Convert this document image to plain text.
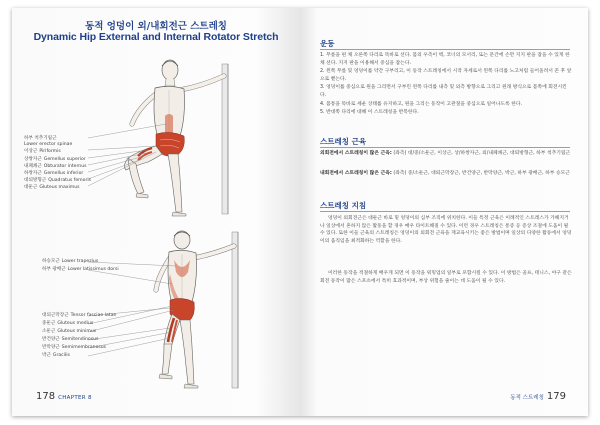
동적 엉덩이 외/내회전근 스트레칭
Dynamic Hip External and Internal Rotator Stretch
하부 척추기립근
Lower erector spinae
이상근 Piriformis
상쌍자근 Gemellus superior
내폐쇄근 Obturator internus
하쌍자근 Gemellus inferior
대퇴방형근 Quadratus femoris
대둔근 Gluteus maximus
하승모근 Lower trapezius
하부 광배근 Lower latissimus dorsi
대퇴근막장근 Tensor fasciae latae
중둔근 Gluteus medius
소둔근 Gluteus minimus
반건양근 Semitendinosus
반막양근 Semimembranosus
박근 Gracilis
178 CHAPTER 8
운동
1. 무릎을 편 채 오른쪽 다리로 똑바로 선다. 몸의 우측이 벽, 코너의 모서리, 또는 문간에 손만 지지 판을 잡을 수 있게 한 채 선다. 지지 판을 이용해서 중심을 잡는다.
2. 왼쪽 무릎 및 엉덩이를 약간 구부리고, 이 동작 스트레칭에서 시작 자세로서 왼쪽 다리를 노고처럼 들어올려서 꼰 후 앞으로 뻗는다.
3. 엉덩이를 중심으로 원을 그리면서 구부린 왼쪽 다리를 내측 및 외측 방향으로 그리고 원래 방식으로 몸쪽에 회전시킨다.
4. 몸통을 똑바로 세운 상태를 유지하고, 원을 그리는 동작이 고관절을 중심으로 일어나도록 한다.
5. 반대쪽 다리에 대해 이 스트레칭을 반복한다.
스트레칭 근육
외회전에서 스트레칭이 많은 근육: (좌측) 대/중/소둔근, 이상근, 상/하쌍자근, 외/내폐쇄근, 대퇴방형근, 하부 척추기립근
내회전에서 스트레칭이 많은 근육: (좌측) 중/소둔근, 대퇴근막장근, 반건양근, 반막양근, 박근, 하부 광배근, 하부 승모근
스트레칭 지침

엉덩이 외회전근은 대둔근 바로 밑 엉덩이의 심부 조직에 위치한다. 이들 특정 근육은 이례적인 스트레스가 가해지거나 일상에서 흔하지 않은 활동을 할 경우 매우 타이트해질 수 있다. 이런 경우 스트레칭은 통증 등 증상 조절에 도움이 될 수 있다. 또한 이들 근육의 스트레칭은 엉덩이의 외회전 근육을 재교육시키는 좋은 방법이며 일상의 다양한 활동에서 엉덩이의 움직임을 최적화하는 역할을 한다.

이러한 동작을 적절하게 배우게 되면 이 동작을 워밍업의 일부로 포함시킬 수 있다. 이 방법은 골프, 테니스, 야구 같은 회전 동작이 많은 스포츠에서 특히 효과적이며, 부상 위험을 줄이는 데 도움이 될 수 있다.

동적 스트레칭 179
